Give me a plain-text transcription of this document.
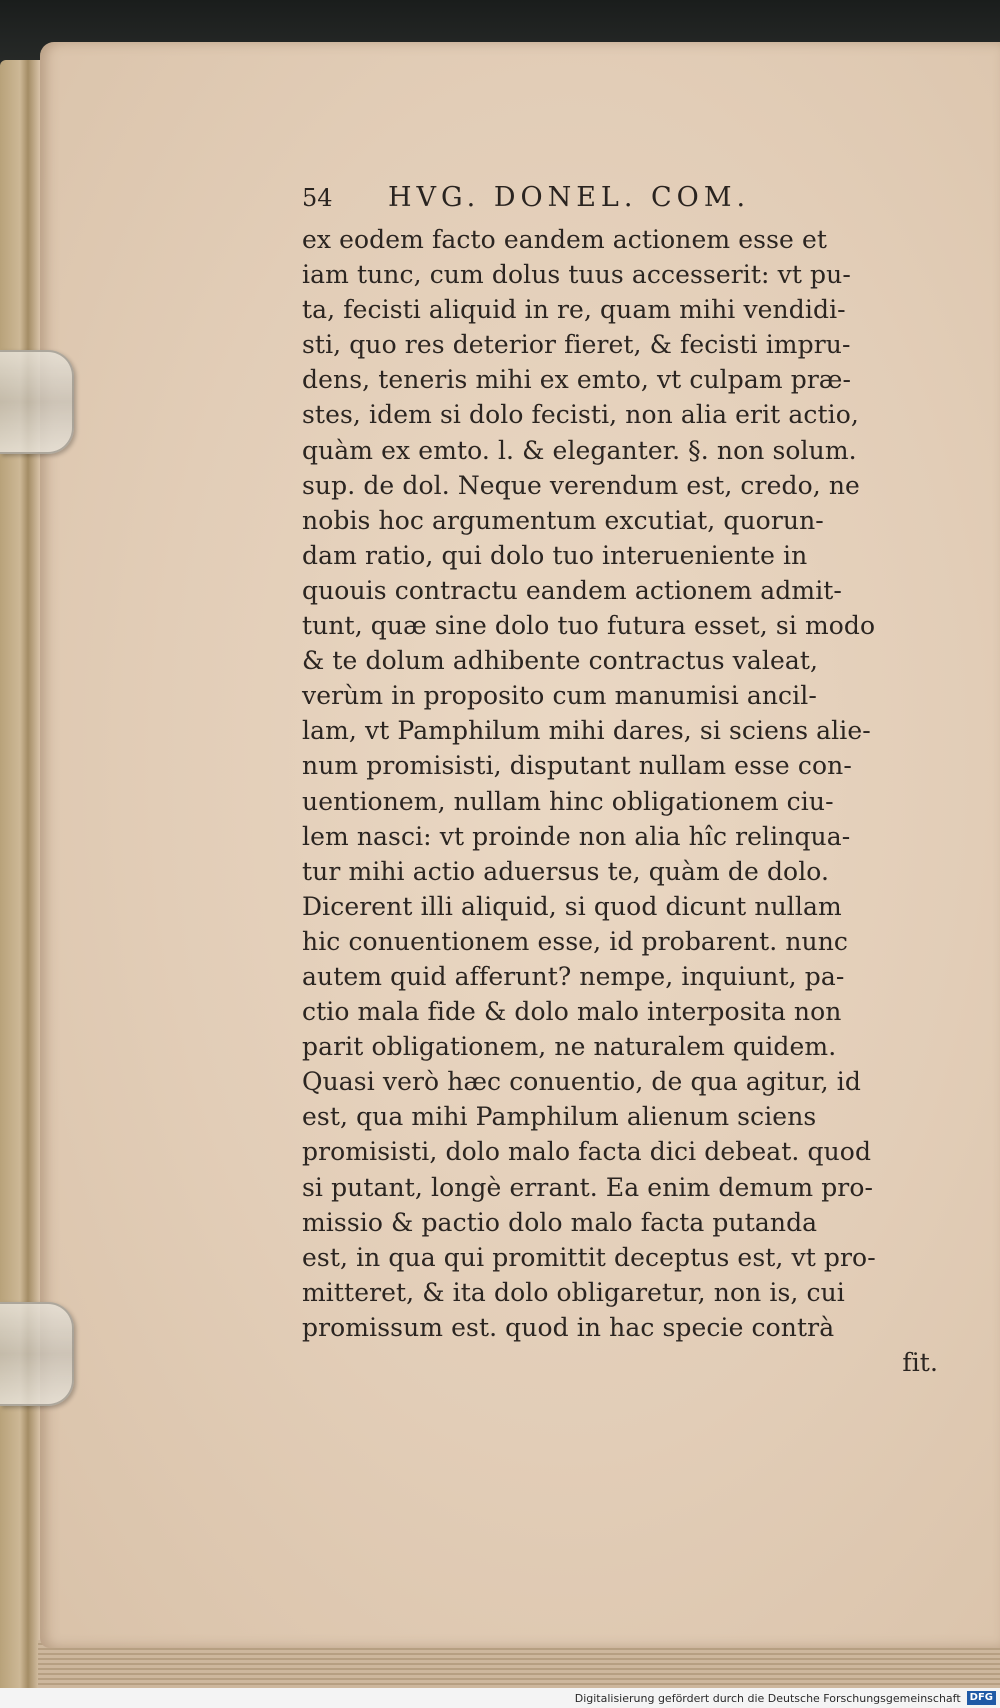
54	HVG. DONEL. COM.
ex eodem facto eandem actionem esse et
iam tunc, cum dolus tuus accesserit: vt pu-
ta, fecisti aliquid in re, quam mihi vendidi-
sti, quo res deterior fieret, & fecisti impru-
dens, teneris mihi ex emto, vt culpam præ-
stes, idem si dolo fecisti, non alia erit actio,
quàm ex emto. l. & eleganter. §. non solum.
sup. de dol. Neque verendum est, credo, ne
nobis hoc argumentum excutiat, quorun-
dam ratio, qui dolo tuo interueniente in
quouis contractu eandem actionem admit-
tunt, quæ sine dolo tuo futura esset, si modo
& te dolum adhibente contractus valeat,
verùm in proposito cum manumisi ancil-
lam, vt Pamphilum mihi dares, si sciens alie-
num promisisti, disputant nullam esse con-
uentionem, nullam hinc obligationem ciu-
lem nasci: vt proinde non alia hîc relinqua-
tur mihi actio aduersus te, quàm de dolo.
Dicerent illi aliquid, si quod dicunt nullam
hic conuentionem esse, id probarent. nunc
autem quid afferunt? nempe, inquiunt, pa-
ctio mala fide & dolo malo interposita non
parit obligationem, ne naturalem quidem.
Quasi verò hæc conuentio, de qua agitur, id
est, qua mihi Pamphilum alienum sciens
promisisti, dolo malo facta dici debeat. quod
si putant, longè errant. Ea enim demum pro-
missio & pactio dolo malo facta putanda
est, in qua qui promittit deceptus est, vt pro-
mitteret, & ita dolo obligaretur, non is, cui
promissum est. quod in hac specie contrà
fit.
Digitalisierung gefördert durch die Deutsche Forschungsgemeinschaft DFG
